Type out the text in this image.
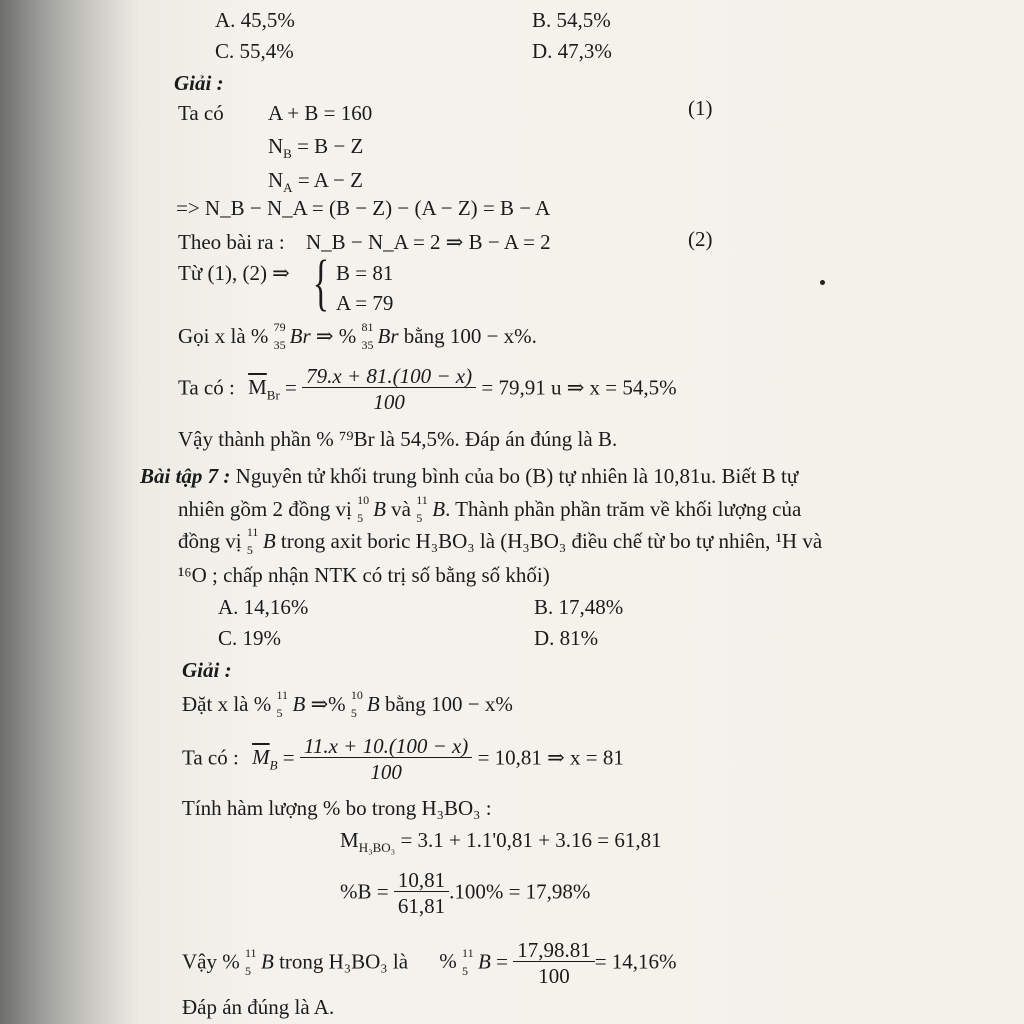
A. 45,5%	B. 54,5%
C. 55,4%	D. 47,3%
Giải :
Ta có A + B = 160	(1)
$N_B = B - Z$
$N_A = A - Z$
=> N_B − N_A = (B − Z) − (A − Z) = B − A
Theo bài ra : N_B − N_A = 2 ⇒ B − A = 2	(2)
Từ (1), (2) ⇒ { B = 81
A = 79
Gọi x là % 79
35 Br ⇒ % 81
35 Br bằng 100 − x%.
Ta có : $\overline{M}_{Br} = \frac{79.x + 81.(100 - x)}{100} = 79,91$ u ⇒ x = 54,5%
Vậy thành phần % ⁷⁹Br là 54,5%. Đáp án đúng là B.
Bài tập 7 : Nguyên tử khối trung bình của bo (B) tự nhiên là 10,81u. Biết B tự
nhiên gồm 2 đồng vị 10
5 B và 11
5 B. Thành phần phần trăm về khối lượng của
đồng vị 11
5 B trong axit boric H₃BO₃ là (H₃BO₃ điều chế từ bo tự nhiên, ¹H và
¹⁶O ; chấp nhận NTK có trị số bằng số khối)
A. 14,16%	B. 17,48%
C. 19%	D. 81%
Giải :
Đặt x là % 11
5 B ⇒% 10
5 B bằng 100 − x%
Ta có : $\overline{M}_B = \frac{11.x + 10.(100 - x)}{100} = 10,81$ ⇒ x = 81
Tính hàm lượng % bo trong H₃BO₃ :
$M_{H_3BO_3} = 3.1 + 1.1'0,81 + 3.16 = 61,81$
$\%B = \frac{10,81}{61,81} .100\% = 17,98\%$
Vậy % 11
5 B trong H₃BO₃ là % 11
5 $B = \frac{17,98.81}{100} = 14,16\%$
Đáp án đúng là A.
